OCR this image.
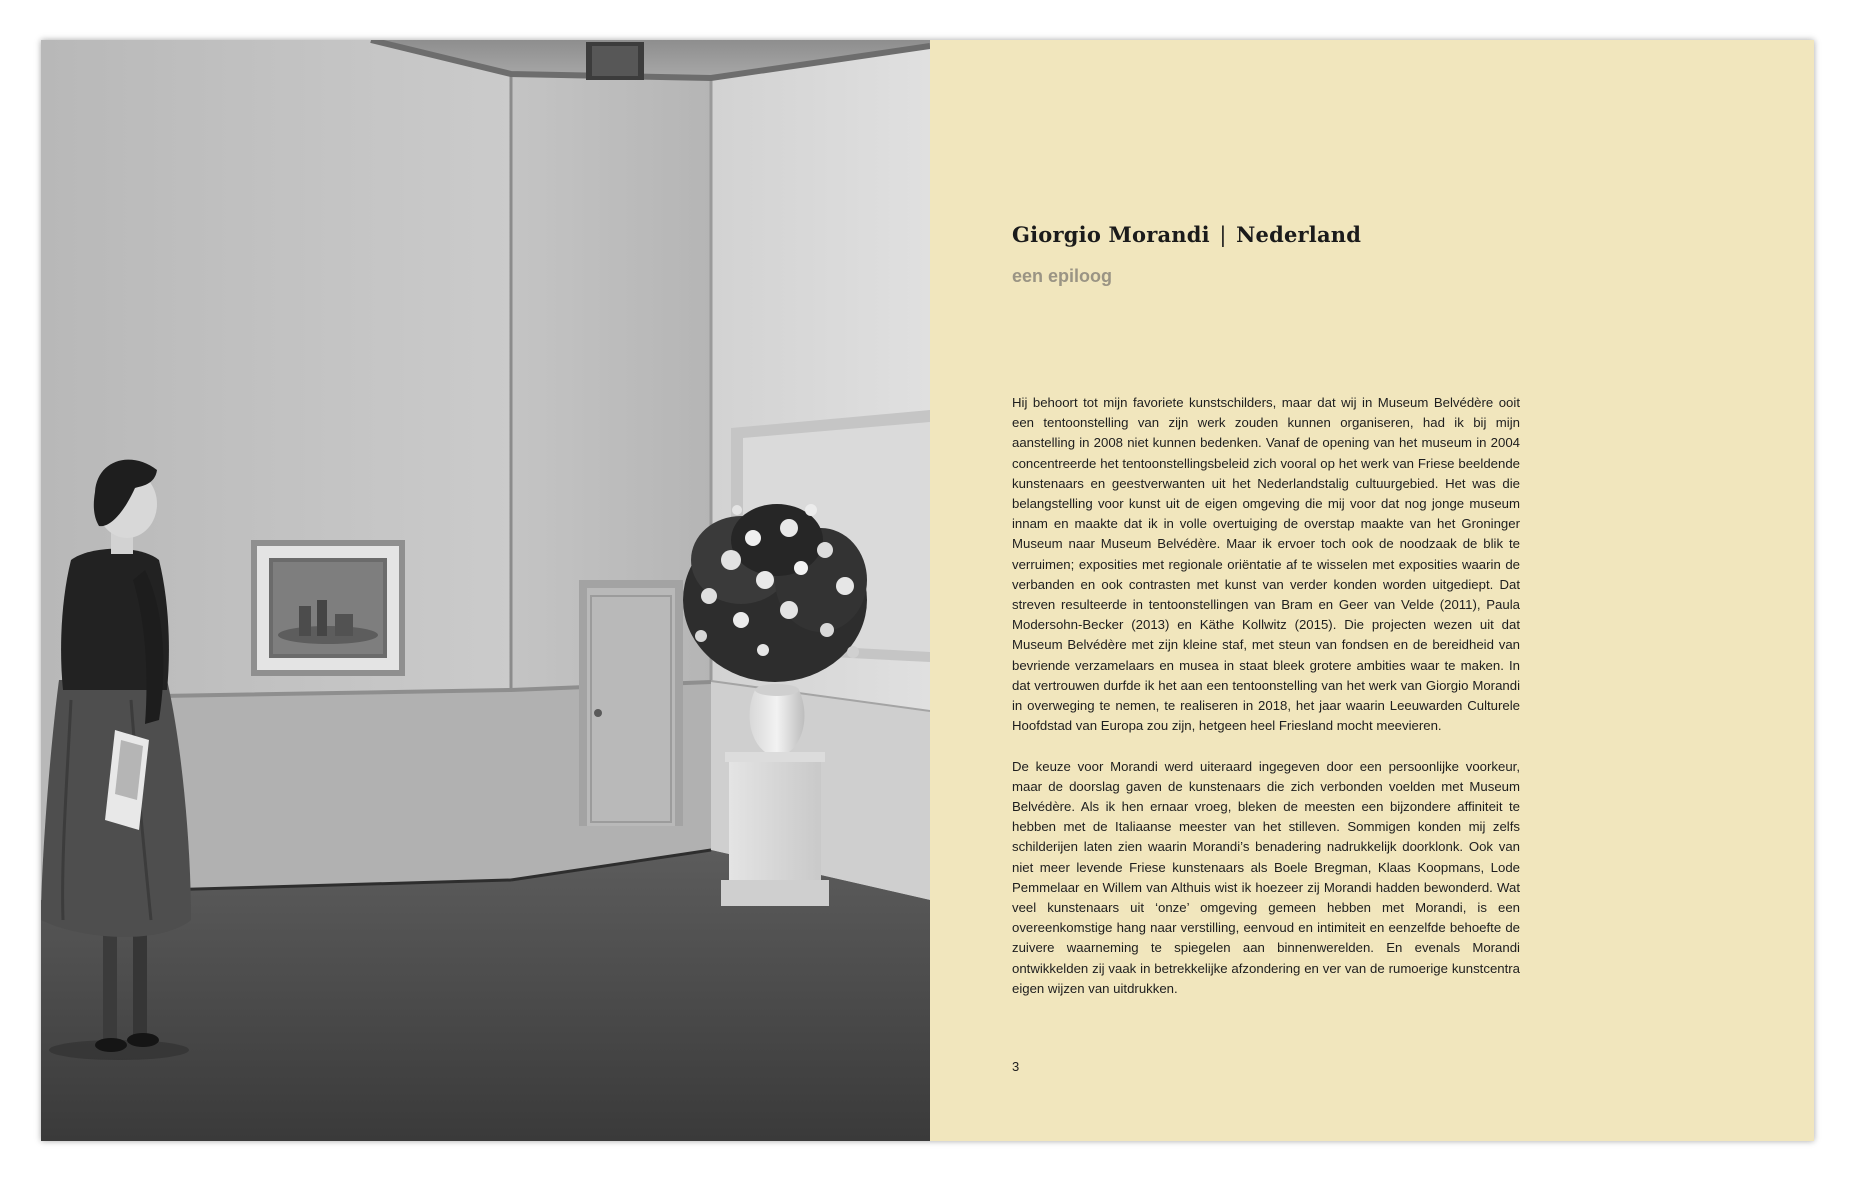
Giorgio Morandi | Nederland
een epiloog

Hij behoort tot mijn favoriete kunstschilders, maar dat wij in Museum Belvédère ooit een tentoonstelling van zijn werk zouden kunnen organiseren, had ik bij mijn aanstelling in 2008 niet kunnen bedenken. Vanaf de opening van het museum in 2004 concentreerde het tentoonstellingsbeleid zich vooral op het werk van Friese beeldende kunstenaars en geestverwanten uit het Nederlandstalig cultuurgebied. Het was die belangstelling voor kunst uit de eigen omgeving die mij voor dat nog jonge museum innam en maakte dat ik in volle overtuiging de overstap maakte van het Groninger Museum naar Museum Belvédère. Maar ik ervoer toch ook de noodzaak de blik te verruimen; exposities met regionale oriëntatie af te wisselen met exposities waarin de verbanden en ook contrasten met kunst van verder konden worden uitgediept. Dat streven resulteerde in tentoonstellingen van Bram en Geer van Velde (2011), Paula Modersohn-Becker (2013) en Käthe Kollwitz (2015). Die projecten wezen uit dat Museum Belvédère met zijn kleine staf, met steun van fondsen en de bereidheid van bevriende verzamelaars en musea in staat bleek grotere ambities waar te maken. In dat vertrouwen durfde ik het aan een tentoonstelling van het werk van Giorgio Morandi in overweging te nemen, te realiseren in 2018, het jaar waarin Leeuwarden Culturele Hoofdstad van Europa zou zijn, hetgeen heel Friesland mocht meevieren.

De keuze voor Morandi werd uiteraard ingegeven door een persoonlijke voorkeur, maar de doorslag gaven de kunstenaars die zich verbonden voelden met Museum Belvédère. Als ik hen ernaar vroeg, bleken de meesten een bijzondere affiniteit te hebben met de Italiaanse meester van het stilleven. Sommigen konden mij zelfs schilderijen laten zien waarin Morandi’s benadering nadrukkelijk doorklonk. Ook van niet meer levende Friese kunstenaars als Boele Bregman, Klaas Koopmans, Lode Pemmelaar en Willem van Althuis wist ik hoezeer zij Morandi hadden bewonderd. Wat veel kunstenaars uit ‘onze’ omgeving gemeen hebben met Morandi, is een overeenkomstige hang naar verstilling, eenvoud en intimiteit en eenzelfde behoefte de zuivere waarneming te spiegelen aan binnenwerelden. En evenals Morandi ontwikkelden zij vaak in betrekkelijke afzondering en ver van de rumoerige kunstcentra eigen wijzen van uitdrukken.

3
